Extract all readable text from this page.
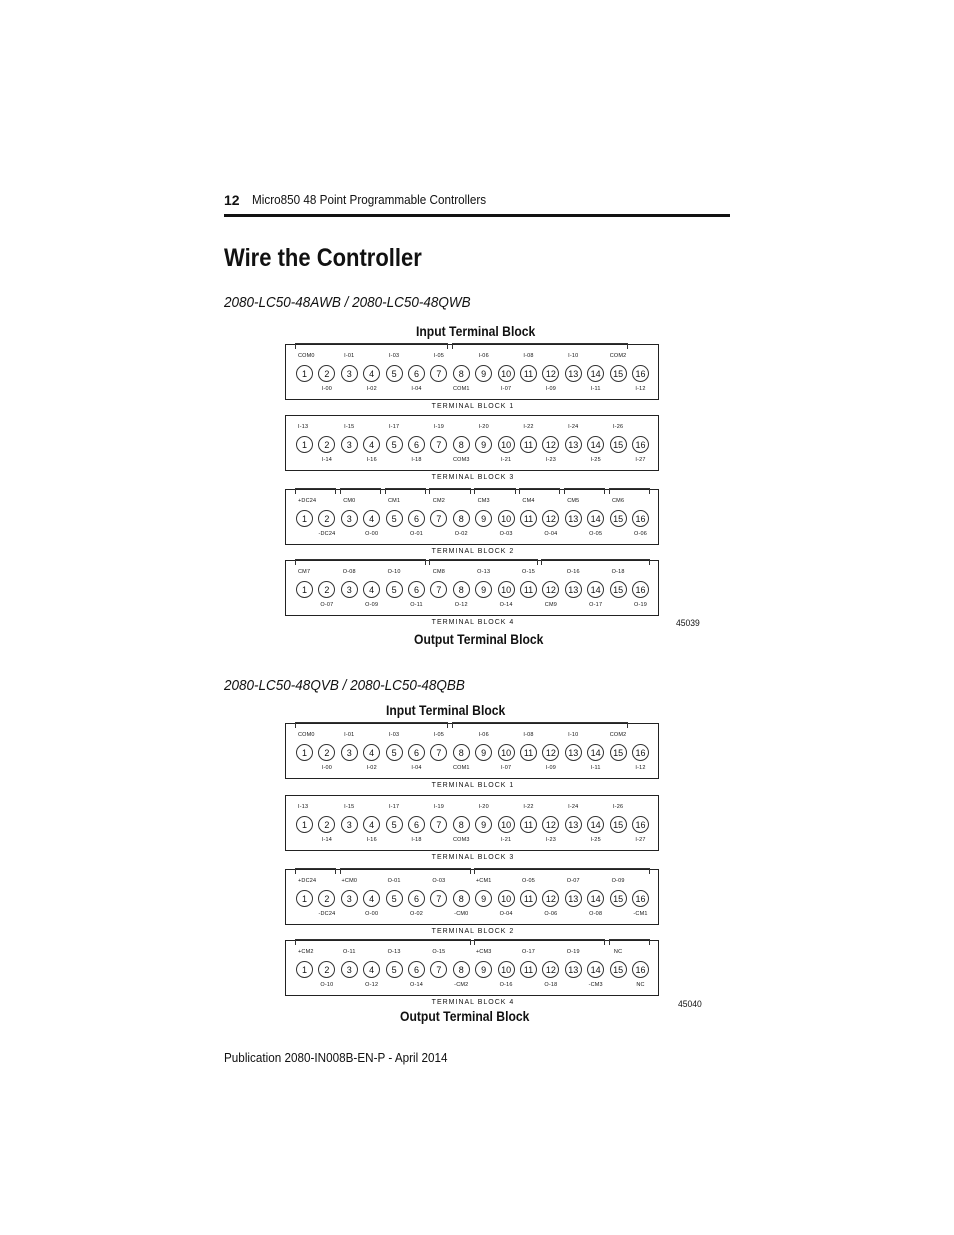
12 Micro850 48 Point Programmable Controllers
Wire the Controller
2080-LC50-48AWB / 2080-LC50-48QWB
Input Terminal Block
Output Terminal Block
45039
2080-LC50-48QVB / 2080-LC50-48QBB
Input Terminal Block
Output Terminal Block
45040
1	2	3	4	5	6	7	8	9	10	11	12	13	14	15	16
COM0	I-01	I-03	I-05	I-06	I-08	I-10	COM2
I-00	I-02	I-04	COM1	I-07	I-09	I-11	I-12
TERMINAL BLOCK 1
1	2	3	4	5	6	7	8	9	10	11	12	13	14	15	16
I-13	I-15	I-17	I-19	I-20	I-22	I-24	I-26
I-14	I-16	I-18	COM3	I-21	I-23	I-25	I-27
TERMINAL BLOCK 3
1	2	3	4	5	6	7	8	9	10	11	12	13	14	15	16
+DC24	CM0	CM1	CM2	CM3	CM4	CM5	CM6
-DC24	O-00	O-01	O-02	O-03	O-04	O-05	O-06
TERMINAL BLOCK 2
1	2	3	4	5	6	7	8	9	10	11	12	13	14	15	16
CM7	O-08	O-10	CM8	O-13	O-15	O-16	O-18
O-07	O-09	O-11	O-12	O-14	CM9	O-17	O-19
TERMINAL BLOCK 4
1	2	3	4	5	6	7	8	9	10	11	12	13	14	15	16
COM0	I-01	I-03	I-05	I-06	I-08	I-10	COM2
I-00	I-02	I-04	COM1	I-07	I-09	I-11	I-12
TERMINAL BLOCK 1
1	2	3	4	5	6	7	8	9	10	11	12	13	14	15	16
I-13	I-15	I-17	I-19	I-20	I-22	I-24	I-26
I-14	I-16	I-18	COM3	I-21	I-23	I-25	I-27
TERMINAL BLOCK 3
1	2	3	4	5	6	7	8	9	10	11	12	13	14	15	16
+DC24	+CM0	O-01	O-03	+CM1	O-05	O-07	O-09
-DC24	O-00	O-02	-CM0	O-04	O-06	O-08	-CM1
TERMINAL BLOCK 2
1	2	3	4	5	6	7	8	9	10	11	12	13	14	15	16
+CM2	O-11	O-13	O-15	+CM3	O-17	O-19	NC
O-10	O-12	O-14	-CM2	O-16	O-18	-CM3	NC
TERMINAL BLOCK 4
Publication 2080-IN008B-EN-P - April 2014
